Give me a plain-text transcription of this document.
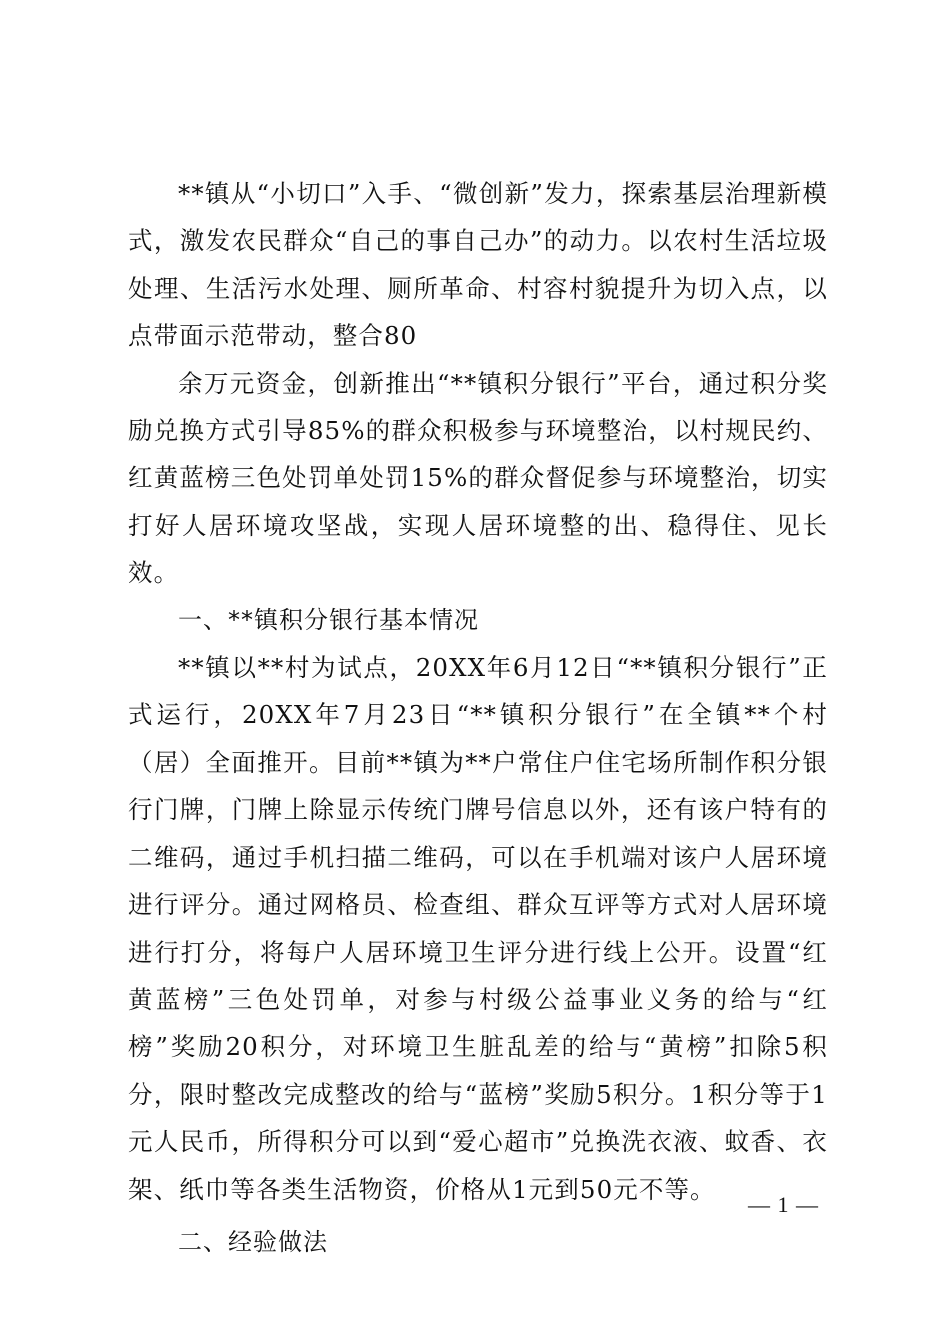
**镇从“小切口”入手、“微创新”发力，探索基层治理新模式，激发农民群众“自己的事自己办”的动力。以农村生活垃圾处理、生活污水处理、厕所革命、村容村貌提升为切入点，以点带面示范带动，整合80

余万元资金，创新推出“**镇积分银行”平台，通过积分奖励兑换方式引导85%的群众积极参与环境整治，以村规民约、红黄蓝榜三色处罚单处罚15%的群众督促参与环境整治，切实打好人居环境攻坚战，实现人居环境整的出、稳得住、见长效。

一、**镇积分银行基本情况

**镇以**村为试点，20XX年6月12日“**镇积分银行”正式运行，20XX年7月23日“**镇积分银行”在全镇**个村（居）全面推开。目前**镇为**户常住户住宅场所制作积分银行门牌，门牌上除显示传统门牌号信息以外，还有该户特有的二维码，通过手机扫描二维码，可以在手机端对该户人居环境进行评分。通过网格员、检查组、群众互评等方式对人居环境进行打分，将每户人居环境卫生评分进行线上公开。设置“红黄蓝榜”三色处罚单，对参与村级公益事业义务的给与“红榜”奖励20积分，对环境卫生脏乱差的给与“黄榜”扣除5积分，限时整改完成整改的给与“蓝榜”奖励5积分。1积分等于1元人民币，所得积分可以到“爱心超市”兑换洗衣液、蚊香、衣架、纸巾等各类生活物资，价格从1元到50元不等。

二、经验做法

— 1 —
